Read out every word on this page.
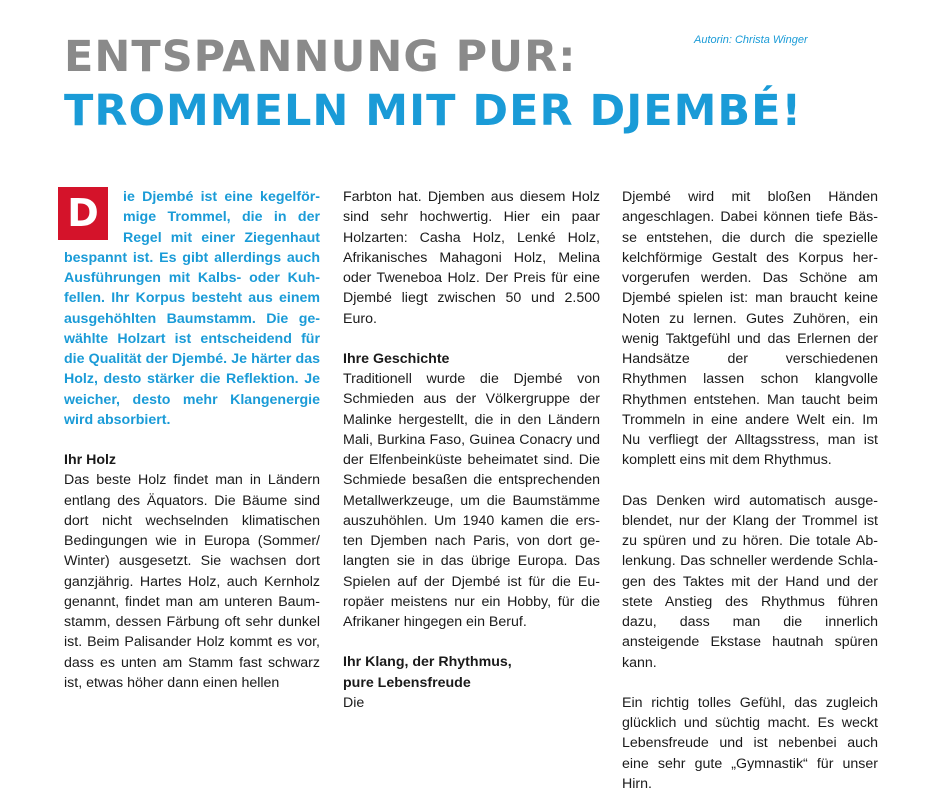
Autorin: Christa Winger
ENTSPANNUNG PUR:
TROMMELN MIT DER DJEMBÉ!
D	ie Djembé ist eine kegelförmige Trommel, die in der Regel mit einer Ziegenhaut bespannt ist. Es gibt allerdings auch Ausführungen mit Kalbs- oder Kuhfellen. Ihr Korpus besteht aus einem ausgehöhlten Baumstamm. Die gewählte Holzart ist entscheidend für die Qualität der Djembé. Je härter das Holz, desto stärker die Reflektion. Je weicher, desto mehr Klangenergie wird absorbiert.

Ihr Holz

Das beste Holz findet man in Ländern entlang des Äquators. Die Bäume sind dort nicht wechselnden klimatischen Bedingungen wie in Europa (Sommer/ Winter) ausgesetzt. Sie wachsen dort ganzjährig. Hartes Holz, auch Kernholz genannt, findet man am unteren Baumstamm, dessen Färbung oft sehr dunkel ist. Beim Palisander Holz kommt es vor, dass es unten am Stamm fast schwarz ist, etwas höher dann einen hellen

Farbton hat. Djemben aus diesem Holz sind sehr hochwertig. Hier ein paar Holzarten: Casha Holz, Lenké Holz, Afrikanisches Mahagoni Holz, Melina oder Tweneboa Holz. Der Preis für eine Djembé liegt zwischen 50 und 2.500 Euro.

Ihre Geschichte

Traditionell wurde die Djembé von Schmieden aus der Völkergruppe der Malinke hergestellt, die in den Ländern Mali, Burkina Faso, Guinea Conacry und der Elfenbeinküste beheimatet sind. Die Schmiede besaßen die entsprechenden Metallwerkzeuge, um die Baumstämme auszuhöhlen. Um 1940 kamen die ersten Djemben nach Paris, von dort gelangten sie in das übrige Europa. Das Spielen auf der Djembé ist für die Europäer meistens nur ein Hobby, für die Afrikaner hingegen ein Beruf.

Ihr Klang, der Rhythmus,
pure Lebensfreude

Die

Djembé wird mit bloßen Händen angeschlagen. Dabei können tiefe Bässe entstehen, die durch die spezielle kelchförmige Gestalt des Korpus hervorgerufen werden. Das Schöne am Djembé spielen ist: man braucht keine Noten zu lernen. Gutes Zuhören, ein wenig Taktgefühl und das Erlernen der Handsätze der verschiedenen Rhythmen lassen schon klangvolle Rhythmen entstehen. Man taucht beim Trommeln in eine andere Welt ein. Im Nu verfliegt der Alltagsstress, man ist komplett eins mit dem Rhythmus.

Das Denken wird automatisch ausgeblendet, nur der Klang der Trommel ist zu spüren und zu hören. Die totale Ablenkung. Das schneller werdende Schlagen des Taktes mit der Hand und der stete Anstieg des Rhythmus führen dazu, dass man die innerlich ansteigende Ekstase hautnah spüren kann.

Ein richtig tolles Gefühl, das zugleich glücklich und süchtig macht. Es weckt Lebensfreude und ist nebenbei auch eine sehr gute „Gymnastik“ für unser Hirn.
